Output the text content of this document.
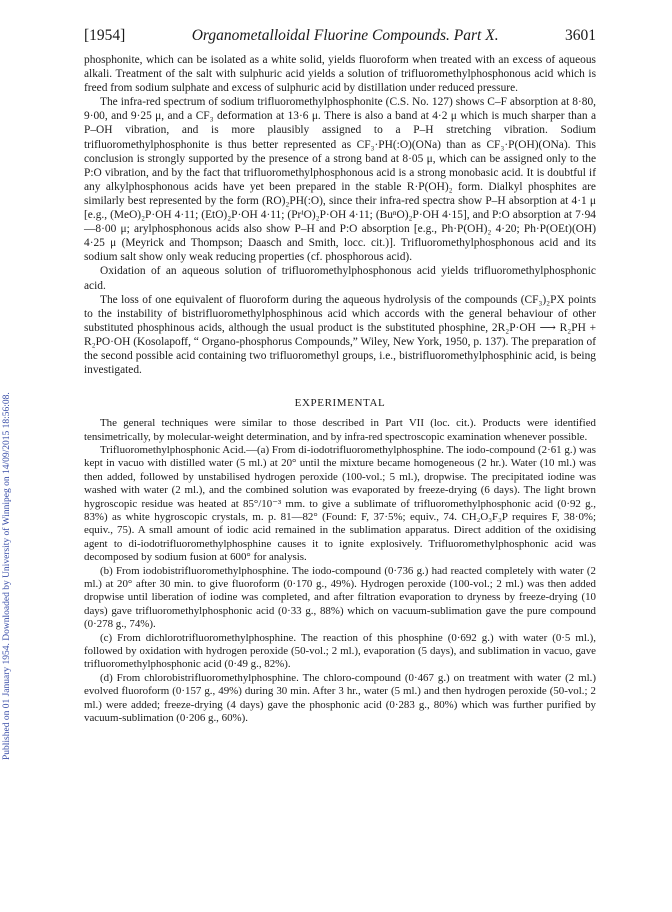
Published on 01 January 1954. Downloaded by University of Winnipeg on 14/09/2015 18:56:08.
[1954]	Organometalloidal Fluorine Compounds. Part X.	3601

phosphonite, which can be isolated as a white solid, yields fluoroform when treated with an excess of aqueous alkali. Treatment of the salt with sulphuric acid yields a solution of trifluoromethylphosphonous acid which is freed from sodium sulphate and excess of sulphuric acid by distillation under reduced pressure.

The infra-red spectrum of sodium trifluoromethylphosphonite (C.S. No. 127) shows C–F absorption at 8·80, 9·00, and 9·25 μ, and a CF₃ deformation at 13·6 μ. There is also a band at 4·2 μ which is much sharper than a P–OH vibration, and is more plausibly assigned to a P–H stretching vibration. Sodium trifluoromethylphosphonite is thus better represented as CF₃·PH(:O)(ONa) than as CF₃·P(OH)(ONa). This conclusion is strongly supported by the presence of a strong band at 8·05 μ, which can be assigned only to the P:O vibration, and by the fact that trifluoromethylphosphonous acid is a strong monobasic acid. It is doubtful if any alkylphosphonous acids have yet been prepared in the stable R·P(OH)₂ form. Dialkyl phosphites are similarly best represented by the form (RO)₂PH(:O), since their infra-red spectra show P–H absorption at 4·1 μ [e.g., (MeO)₂P·OH 4·11; (EtO)₂P·OH 4·11; (PrⁱO)₂P·OH 4·11; (BuⁿO)₂P·OH 4·15], and P:O absorption at 7·94—8·00 μ; arylphosphonous acids also show P–H and P:O absorption [e.g., Ph·P(OH)₂ 4·20; Ph·P(OEt)(OH) 4·25 μ (Meyrick and Thompson; Daasch and Smith, locc. cit.)]. Trifluoromethylphosphonous acid and its sodium salt show only weak reducing properties (cf. phosphorous acid).

Oxidation of an aqueous solution of trifluoromethylphosphonous acid yields trifluoromethylphosphonic acid.

The loss of one equivalent of fluoroform during the aqueous hydrolysis of the compounds (CF₃)₂PX points to the instability of bistrifluoromethylphosphinous acid which accords with the general behaviour of other substituted phosphinous acids, although the usual product is the substituted phosphine, 2R₂P·OH ⟶ R₂PH + R₂PO·OH (Kosolapoff, “ Organo-phosphorus Compounds,” Wiley, New York, 1950, p. 137). The preparation of the second possible acid containing two trifluoromethyl groups, i.e., bistrifluoromethylphosphinic acid, is being investigated.

EXPERIMENTAL

The general techniques were similar to those described in Part VII (loc. cit.). Products were identified tensimetrically, by molecular-weight determination, and by infra-red spectroscopic examination whenever possible.

Trifluoromethylphosphonic Acid.—(a) From di-iodotrifluoromethylphosphine. The iodo-compound (2·61 g.) was kept in vacuo with distilled water (5 ml.) at 20° until the mixture became homogeneous (2 hr.). Water (10 ml.) was then added, followed by unstabilised hydrogen peroxide (100-vol.; 5 ml.), dropwise. The precipitated iodine was washed with water (2 ml.), and the combined solution was evaporated by freeze-drying (6 days). The light brown hygroscopic residue was heated at 85°/10⁻³ mm. to give a sublimate of trifluoromethylphosphonic acid (0·92 g., 83%) as white hygroscopic crystals, m. p. 81—82° (Found: F, 37·5%; equiv., 74. CH₂O₃F₃P requires F, 38·0%; equiv., 75). A small amount of iodic acid remained in the sublimation apparatus. Direct addition of the oxidising agent to di-iodotrifluoromethylphosphine causes it to ignite explosively. Trifluoromethylphosphonic acid was decomposed by sodium fusion at 600° for analysis.

(b) From iodobistrifluoromethylphosphine. The iodo-compound (0·736 g.) had reacted completely with water (2 ml.) at 20° after 30 min. to give fluoroform (0·170 g., 49%). Hydrogen peroxide (100-vol.; 2 ml.) was then added dropwise until liberation of iodine was completed, and after filtration evaporation to dryness by freeze-drying (10 days) gave trifluoromethylphosphonic acid (0·33 g., 88%) which on vacuum-sublimation gave the pure compound (0·278 g., 74%).

(c) From dichlorotrifluoromethylphosphine. The reaction of this phosphine (0·692 g.) with water (0·5 ml.), followed by oxidation with hydrogen peroxide (50-vol.; 2 ml.), evaporation (5 days), and sublimation in vacuo, gave trifluoromethylphosphonic acid (0·49 g., 82%).

(d) From chlorobistrifluoromethylphosphine. The chloro-compound (0·467 g.) on treatment with water (2 ml.) evolved fluoroform (0·157 g., 49%) during 30 min. After 3 hr., water (5 ml.) and then hydrogen peroxide (50-vol.; 2 ml.) were added; freeze-drying (4 days) gave the phosphonic acid (0·283 g., 80%) which was further purified by vacuum-sublimation (0·206 g., 60%).
